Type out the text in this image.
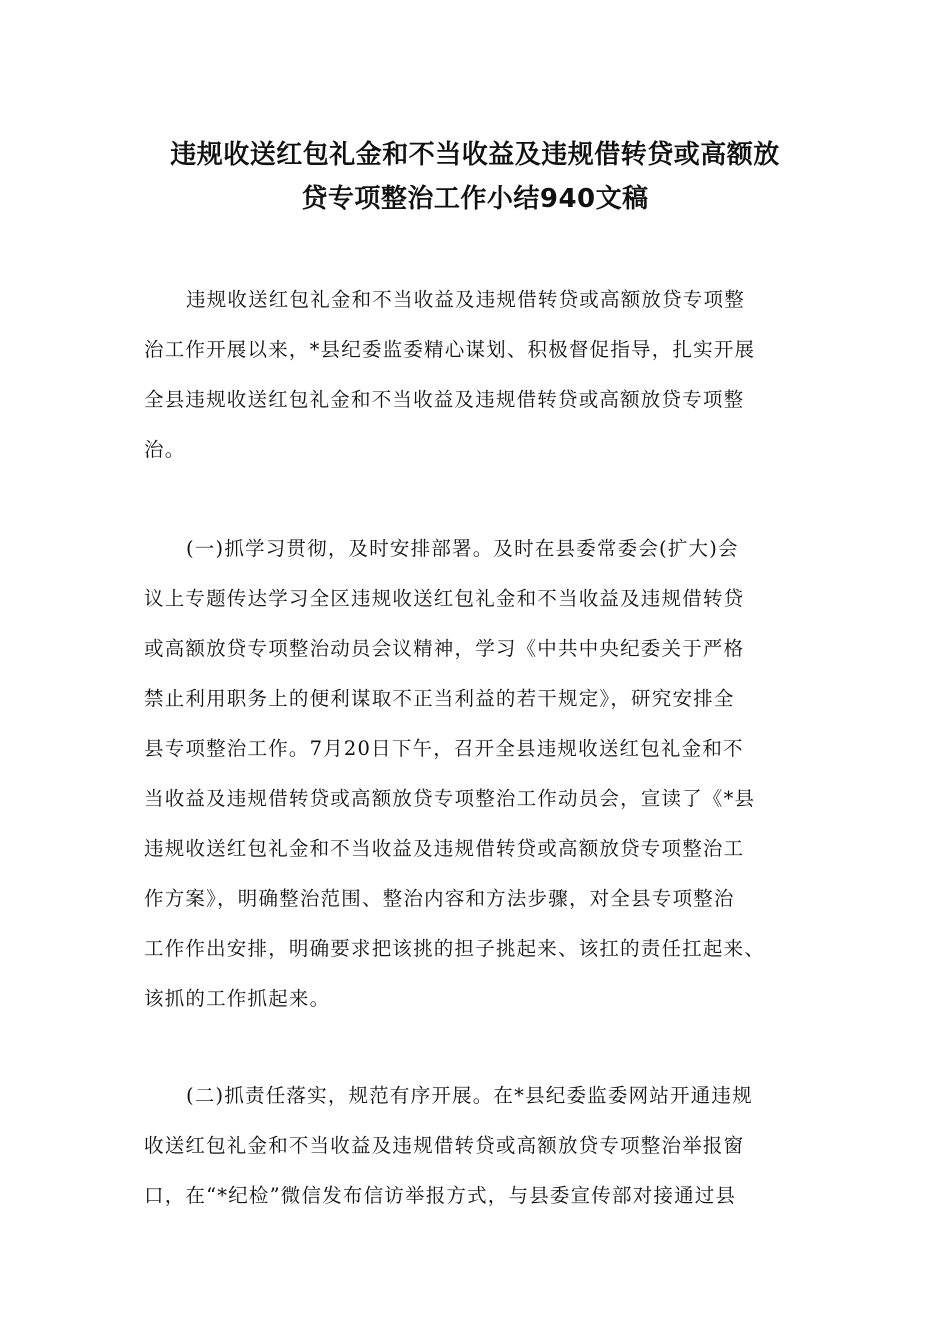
违规收送红包礼金和不当收益及违规借转贷或高额放
贷专项整治工作小结940文稿
违规收送红包礼金和不当收益及违规借转贷或高额放贷专项整
治工作开展以来，*县纪委监委精心谋划、积极督促指导，扎实开展
全县违规收送红包礼金和不当收益及违规借转贷或高额放贷专项整
治。
(一)抓学习贯彻，及时安排部署。及时在县委常委会(扩大)会
议上专题传达学习全区违规收送红包礼金和不当收益及违规借转贷
或高额放贷专项整治动员会议精神，学习《中共中央纪委关于严格
禁止利用职务上的便利谋取不正当利益的若干规定》，研究安排全
县专项整治工作。7月20日下午，召开全县违规收送红包礼金和不
当收益及违规借转贷或高额放贷专项整治工作动员会，宣读了《*县
违规收送红包礼金和不当收益及违规借转贷或高额放贷专项整治工
作方案》，明确整治范围、整治内容和方法步骤，对全县专项整治
工作作出安排，明确要求把该挑的担子挑起来、该扛的责任扛起来、
该抓的工作抓起来。
(二)抓责任落实，规范有序开展。在*县纪委监委网站开通违规
收送红包礼金和不当收益及违规借转贷或高额放贷专项整治举报窗
口，在“*纪检”微信发布信访举报方式，与县委宣传部对接通过县
